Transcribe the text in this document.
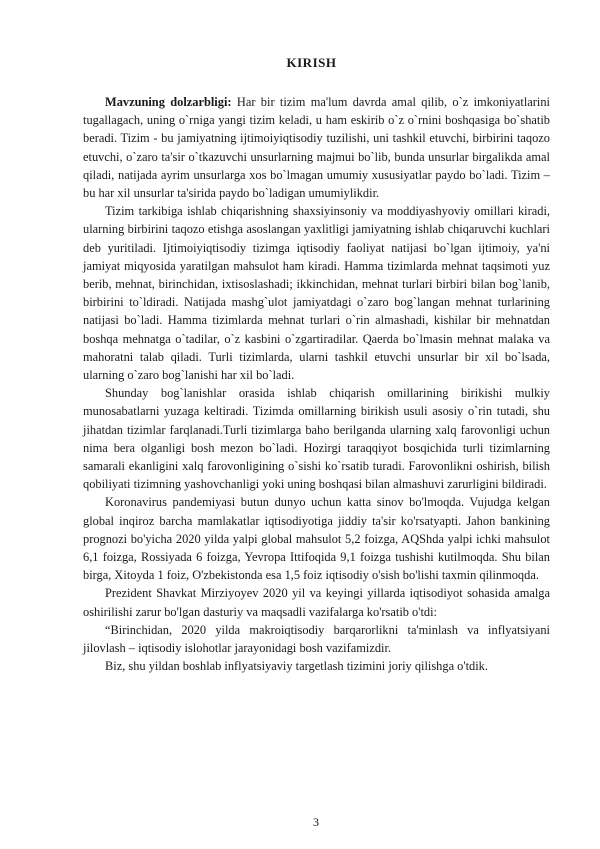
KIRISH

Mavzuning dolzarbligi: Har bir tizim ma'lum davrda amal qilib, o`z imkoniyatlarini tugallagach, uning o`rniga yangi tizim keladi, u ham eskirib o`z o`rnini boshqasiga bo`shatib beradi. Tizim - bu jamiyatning ijtimoiyiqtisodiy tuzilishi, uni tashkil etuvchi, birbirini taqozo etuvchi, o`zaro ta'sir o`tkazuvchi unsurlarning majmui bo`lib, bunda unsurlar birgalikda amal qiladi, natijada ayrim unsurlarga xos bo`lmagan umumiy xususiyatlar paydo bo`ladi. Tizim – bu har xil unsurlar ta'sirida paydo bo`ladigan umumiylikdir.

Tizim tarkibiga ishlab chiqarishning shaxsiyinsoniy va moddiyashyoviy omillari kiradi, ularning birbirini taqozo etishga asoslangan yaxlitligi jamiyatning ishlab chiqaruvchi kuchlari deb yuritiladi. Ijtimoiyiqtisodiy tizimga iqtisodiy faoliyat natijasi bo`lgan ijtimoiy, ya'ni jamiyat miqyosida yaratilgan mahsulot ham kiradi. Hamma tizimlarda mehnat taqsimoti yuz berib, mehnat, birinchidan, ixtisoslashadi; ikkinchidan, mehnat turlari birbiri bilan bog`lanib, birbirini to`ldiradi. Natijada mashg`ulot jamiyatdagi o`zaro bog`langan mehnat turlarining natijasi bo`ladi. Hamma tizimlarda mehnat turlari o`rin almashadi, kishilar bir mehnatdan boshqa mehnatga o`tadilar, o`z kasbini o`zgartiradilar. Qaerda bo`lmasin mehnat malaka va mahoratni talab qiladi. Turli tizimlarda, ularni tashkil etuvchi unsurlar bir xil bo`lsada, ularning o`zaro bog`lanishi har xil bo`ladi.

Shunday bog`lanishlar orasida ishlab chiqarish omillarining birikishi mulkiy munosabatlarni yuzaga keltiradi. Tizimda omillarning birikish usuli asosiy o`rin tutadi, shu jihatdan tizimlar farqlanadi.Turli tizimlarga baho berilganda ularning xalq farovonligi uchun nima bera olganligi bosh mezon bo`ladi. Hozirgi taraqqiyot bosqichida turli tizimlarning samarali ekanligini xalq farovonligining o`sishi ko`rsatib turadi. Farovonlikni oshirish, bilish qobiliyati tizimning yashovchanligi yoki uning boshqasi bilan almashuvi zarurligini bildiradi.

Koronavirus pandemiyasi butun dunyo uchun katta sinov bo'lmoqda. Vujudga kelgan global inqiroz barcha mamlakatlar iqtisodiyotiga jiddiy ta'sir ko'rsatyapti. Jahon bankining prognozi bo'yicha 2020 yilda yalpi global mahsulot 5,2 foizga, AQShda yalpi ichki mahsulot 6,1 foizga, Rossiyada 6 foizga, Yevropa Ittifoqida 9,1 foizga tushishi kutilmoqda. Shu bilan birga, Xitoyda 1 foiz, O'zbekistonda esa 1,5 foiz iqtisodiy o'sish bo'lishi taxmin qilinmoqda.

Prezident Shavkat Mirziyoyev 2020 yil va keyingi yillarda iqtisodiyot sohasida amalga oshirilishi zarur bo'lgan dasturiy va maqsadli vazifalarga ko'rsatib o'tdi:

“Birinchidan, 2020 yilda makroiqtisodiy barqarorlikni ta'minlash va inflyatsiyani jilovlash – iqtisodiy islohotlar jarayonidagi bosh vazifamizdir.

Biz, shu yildan boshlab inflyatsiyaviy targetlash tizimini joriy qilishga o'tdik.

3
